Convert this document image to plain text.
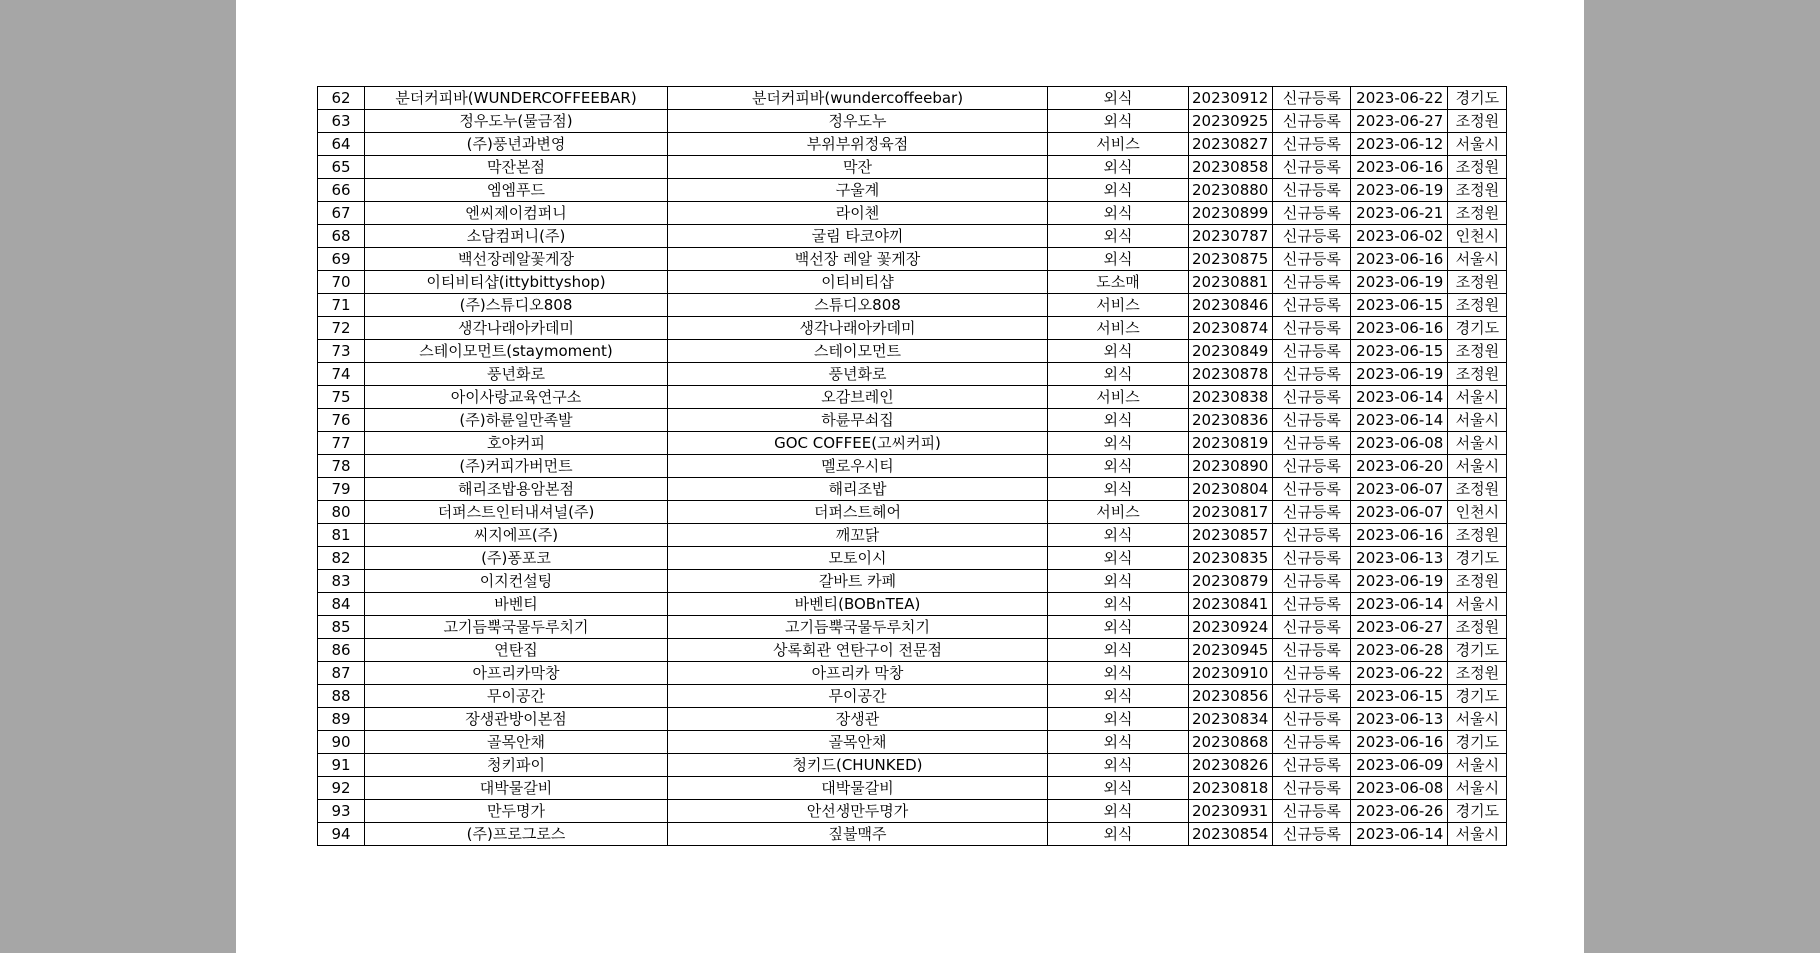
62	분더커피바(WUNDERCOFFEEBAR)	분더커피바(wundercoffeebar)	외식	20230912	신규등록	2023-06-22	경기도
63	정우도누(물금점)	정우도누	외식	20230925	신규등록	2023-06-27	조정원
64	(주)풍년과변영	부위부위정육점	서비스	20230827	신규등록	2023-06-12	서울시
65	막잔본점	막잔	외식	20230858	신규등록	2023-06-16	조정원
66	엠엠푸드	구울계	외식	20230880	신규등록	2023-06-19	조정원
67	엔씨제이컴퍼니	라이첸	외식	20230899	신규등록	2023-06-21	조정원
68	소담컴퍼니(주)	굴림 타코야끼	외식	20230787	신규등록	2023-06-02	인천시
69	백선장레알꽃게장	백선장 레알 꽃게장	외식	20230875	신규등록	2023-06-16	서울시
70	이티비티샵(ittybittyshop)	이티비티샵	도소매	20230881	신규등록	2023-06-19	조정원
71	(주)스튜디오808	스튜디오808	서비스	20230846	신규등록	2023-06-15	조정원
72	생각나래아카데미	생각나래아카데미	서비스	20230874	신규등록	2023-06-16	경기도
73	스테이모먼트(staymoment)	스테이모먼트	외식	20230849	신규등록	2023-06-15	조정원
74	풍년화로	풍년화로	외식	20230878	신규등록	2023-06-19	조정원
75	아이사랑교육연구소	오감브레인	서비스	20230838	신규등록	2023-06-14	서울시
76	(주)하륜일만족발	하륜무쇠집	외식	20230836	신규등록	2023-06-14	서울시
77	호야커피	GOC COFFEE(고씨커피)	외식	20230819	신규등록	2023-06-08	서울시
78	(주)커피가버먼트	멜로우시티	외식	20230890	신규등록	2023-06-20	서울시
79	해리조밥용암본점	해리조밥	외식	20230804	신규등록	2023-06-07	조정원
80	더퍼스트인터내셔널(주)	더퍼스트헤어	서비스	20230817	신규등록	2023-06-07	인천시
81	씨지에프(주)	깨꼬닭	외식	20230857	신규등록	2023-06-16	조정원
82	(주)퐁포코	모토이시	외식	20230835	신규등록	2023-06-13	경기도
83	이지컨설팅	갈바트 카페	외식	20230879	신규등록	2023-06-19	조정원
84	바벤티	바벤티(BOBnTEA)	외식	20230841	신규등록	2023-06-14	서울시
85	고기듬뿍국물두루치기	고기듬뿍국물두루치기	외식	20230924	신규등록	2023-06-27	조정원
86	연탄집	상록회관 연탄구이 전문점	외식	20230945	신규등록	2023-06-28	경기도
87	아프리카막창	아프리카 막창	외식	20230910	신규등록	2023-06-22	조정원
88	무이공간	무이공간	외식	20230856	신규등록	2023-06-15	경기도
89	장생관방이본점	장생관	외식	20230834	신규등록	2023-06-13	서울시
90	골목안채	골목안채	외식	20230868	신규등록	2023-06-16	경기도
91	청키파이	청키드(CHUNKED)	외식	20230826	신규등록	2023-06-09	서울시
92	대박물갈비	대박물갈비	외식	20230818	신규등록	2023-06-08	서울시
93	만두명가	안선생만두명가	외식	20230931	신규등록	2023-06-26	경기도
94	(주)프로그로스	짚불맥주	외식	20230854	신규등록	2023-06-14	서울시
